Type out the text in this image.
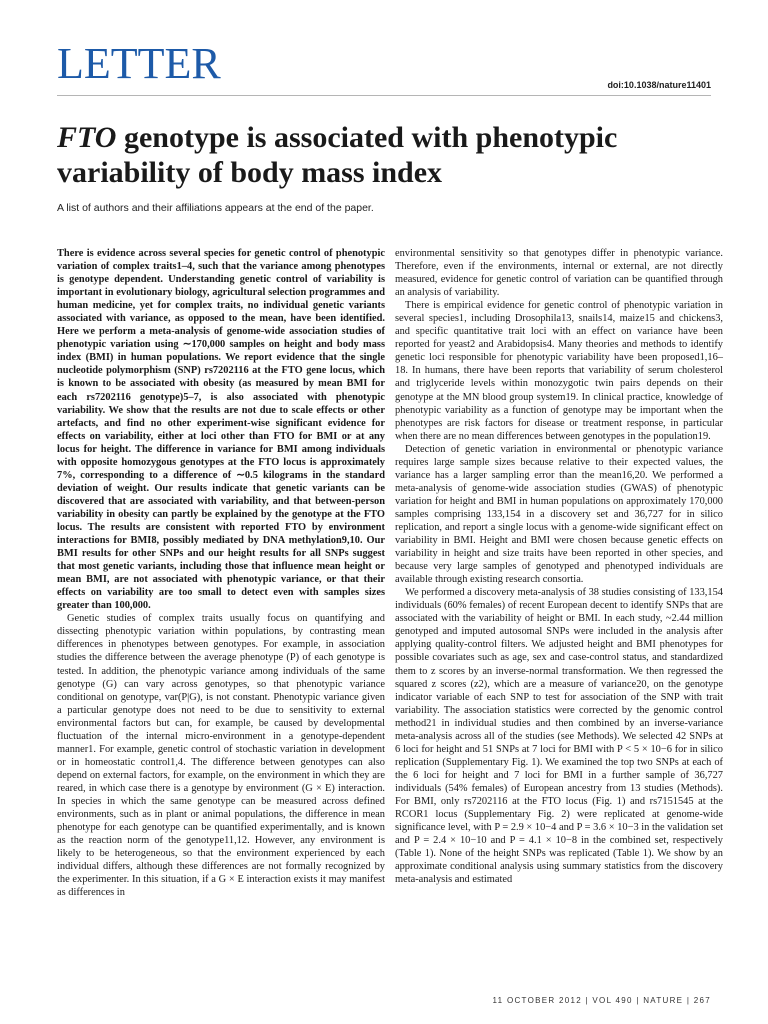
LETTER	doi:10.1038/nature11401
FTO genotype is associated with phenotypic variability of body mass index
A list of authors and their affiliations appears at the end of the paper.

There is evidence across several species for genetic control of phenotypic variation of complex traits1–4, such that the variance among phenotypes is genotype dependent. Understanding genetic control of variability is important in evolutionary biology, agricultural selection programmes and human medicine, yet for complex traits, no individual genetic variants associated with variance, as opposed to the mean, have been identified. Here we perform a meta-analysis of genome-wide association studies of phenotypic variation using ∼170,000 samples on height and body mass index (BMI) in human populations. We report evidence that the single nucleotide polymorphism (SNP) rs7202116 at the FTO gene locus, which is known to be associated with obesity (as measured by mean BMI for each rs7202116 genotype)5–7, is also associated with phenotypic variability. We show that the results are not due to scale effects or other artefacts, and find no other experiment-wise significant evidence for effects on variability, either at loci other than FTO for BMI or at any locus for height. The difference in variance for BMI among individuals with opposite homozygous genotypes at the FTO locus is approximately 7%, corresponding to a difference of ∼0.5 kilograms in the standard deviation of weight. Our results indicate that genetic variants can be discovered that are associated with variability, and that between-person variability in obesity can partly be explained by the genotype at the FTO locus. The results are consistent with reported FTO by environment interactions for BMI8, possibly mediated by DNA methylation9,10. Our BMI results for other SNPs and our height results for all SNPs suggest that most genetic variants, including those that influence mean height or mean BMI, are not associated with phenotypic variance, or that their effects on variability are too small to detect even with samples sizes greater than 100,000.

Genetic studies of complex traits usually focus on quantifying and dissecting phenotypic variation within populations, by contrasting mean differences in phenotypes between genotypes. For example, in association studies the difference between the average phenotype (P) of each genotype is tested. In addition, the phenotypic variance among individuals of the same genotype (G) can vary across genotypes, so that phenotypic variance conditional on genotype, var(P|G), is not constant. Phenotypic variance given a particular genotype does not need to be due to sensitivity to external environmental factors but can, for example, be caused by developmental fluctuation of the internal micro-environment in a genotype-dependent manner1. For example, genetic control of stochastic variation in development or in homeostatic control1,4. The difference between genotypes can also depend on external factors, for example, on the environment in which they are reared, in which case there is a genotype by environment (G × E) interaction. In species in which the same genotype can be measured across defined environments, such as in plant or animal populations, the difference in mean phenotype for each genotype can be quantified experimentally, and is known as the reaction norm of the genotype11,12. However, any environment is likely to be heterogeneous, so that the environment experienced by each individual differs, although these differences are not formally recognized by the experimenter. In this situation, if a G × E interaction exists it may manifest as differences in

environmental sensitivity so that genotypes differ in phenotypic variance. Therefore, even if the environments, internal or external, are not directly measured, evidence for genetic control of variation can be quantified through an analysis of variability.

There is empirical evidence for genetic control of phenotypic variation in several species1, including Drosophila13, snails14, maize15 and chickens3, and specific quantitative trait loci with an effect on variance have been reported for yeast2 and Arabidopsis4. Many theories and methods to identify genetic loci responsible for phenotypic variability have been proposed1,16–18. In humans, there have been reports that variability of serum cholesterol and triglyceride levels within monozygotic twin pairs depends on their genotype at the MN blood group system19. In clinical practice, knowledge of phenotypic variability as a function of genotype may be important when the phenotypes are risk factors for disease or treatment response, in particular when there are no mean differences between genotypes in the population19.

Detection of genetic variation in environmental or phenotypic variance requires large sample sizes because relative to their expected values, the variance has a larger sampling error than the mean16,20. We performed a meta-analysis of genome-wide association studies (GWAS) of phenotypic variation for height and BMI in human populations on approximately 170,000 samples comprising 133,154 in a discovery set and 36,727 for in silico replication, and report a single locus with a genome-wide significant effect on variability in BMI. Height and BMI were chosen because genetic effects on variability in height and size traits have been reported in other species, and because very large samples of genotyped and phenotyped individuals are available through existing research consortia.

We performed a discovery meta-analysis of 38 studies consisting of 133,154 individuals (60% females) of recent European decent to identify SNPs that are associated with the variability of height or BMI. In each study, ~2.44 million genotyped and imputed autosomal SNPs were included in the analysis after applying quality-control filters. We adjusted height and BMI phenotypes for possible covariates such as age, sex and case-control status, and standardized them to z scores by an inverse-normal transformation. We then regressed the squared z scores (z2), which are a measure of variance20, on the genotype indicator variable of each SNP to test for association of the SNP with trait variability. The association statistics were corrected by the genomic control method21 in individual studies and then combined by an inverse-variance meta-analysis across all of the studies (see Methods). We selected 42 SNPs at 6 loci for height and 51 SNPs at 7 loci for BMI with P < 5 × 10−6 for in silico replication (Supplementary Fig. 1). We examined the top two SNPs at each of the 6 loci for height and 7 loci for BMI in a further sample of 36,727 individuals (54% females) of European ancestry from 13 studies (Methods). For BMI, only rs7202116 at the FTO locus (Fig. 1) and rs7151545 at the RCOR1 locus (Supplementary Fig. 2) were replicated at genome-wide significance level, with P = 2.9 × 10−4 and P = 3.6 × 10−3 in the validation set and P = 2.4 × 10−10 and P = 4.1 × 10−8 in the combined set, respectively (Table 1). None of the height SNPs was replicated (Table 1). We show by an approximate conditional analysis using summary statistics from the discovery meta-analysis and estimated

11 OCTOBER 2012 | VOL 490 | NATURE | 267
